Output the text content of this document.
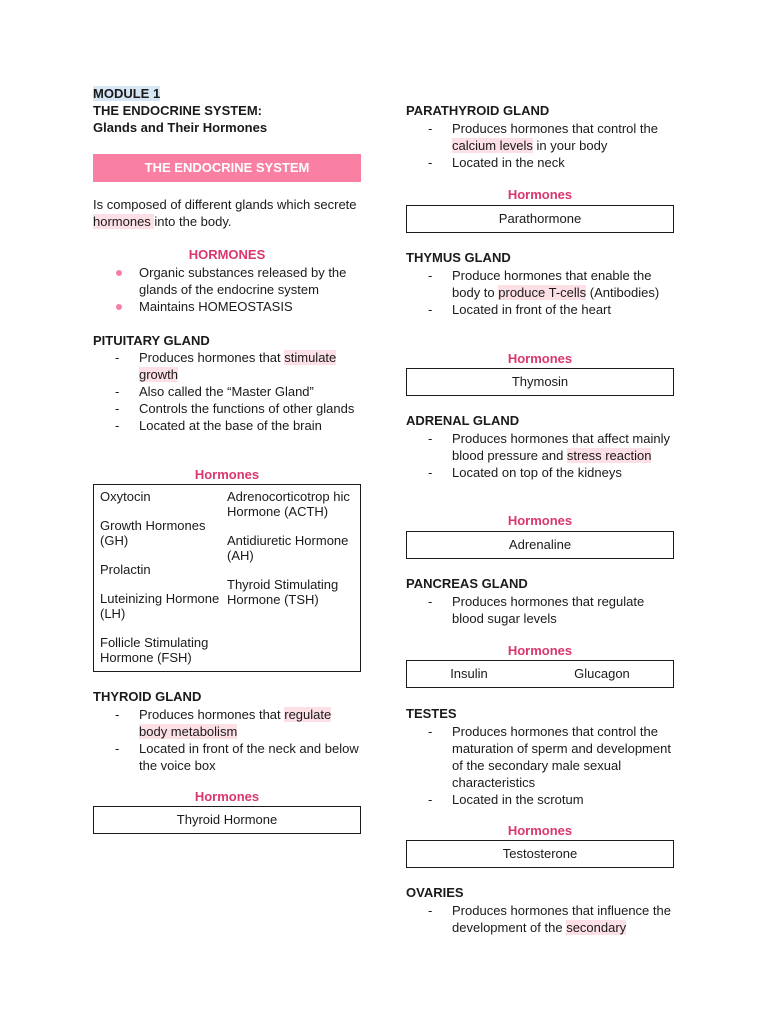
MODULE 1
THE ENDOCRINE SYSTEM:
Glands and Their Hormones
THE ENDOCRINE SYSTEM
Is composed of different glands which secrete hormones into the body.
HORMONES
Organic substances released by the glands of the endocrine system
Maintains HOMEOSTASIS
PITUITARY GLAND
- Produces hormones that stimulate growth
- Also called the “Master Gland”
- Controls the functions of other glands
- Located at the base of the brain
Hormones
Oxytocin
Growth Hormones (GH)
Prolactin
Luteinizing Hormone (LH)
Follicle Stimulating Hormone (FSH)
Adrenocorticotrop hic Hormone (ACTH)
Antidiuretic Hormone (AH)
Thyroid Stimulating Hormone (TSH)
THYROID GLAND
- Produces hormones that regulate body metabolism
- Located in front of the neck and below the voice box
Hormones
Thyroid Hormone
PARATHYROID GLAND
- Produces hormones that control the calcium levels in your body
- Located in the neck
Hormones
Parathormone
THYMUS GLAND
- Produce hormones that enable the body to produce T-cells (Antibodies)
- Located in front of the heart
Hormones
Thymosin
ADRENAL GLAND
- Produces hormones that affect mainly blood pressure and stress reaction
- Located on top of the kidneys
Hormones
Adrenaline
PANCREAS GLAND
- Produces hormones that regulate blood sugar levels
Hormones
Insulin	Glucagon
TESTES
- Produces hormones that control the maturation of sperm and development of the secondary male sexual characteristics
- Located in the scrotum
Hormones
Testosterone
OVARIES
- Produces hormones that influence the development of the secondary
